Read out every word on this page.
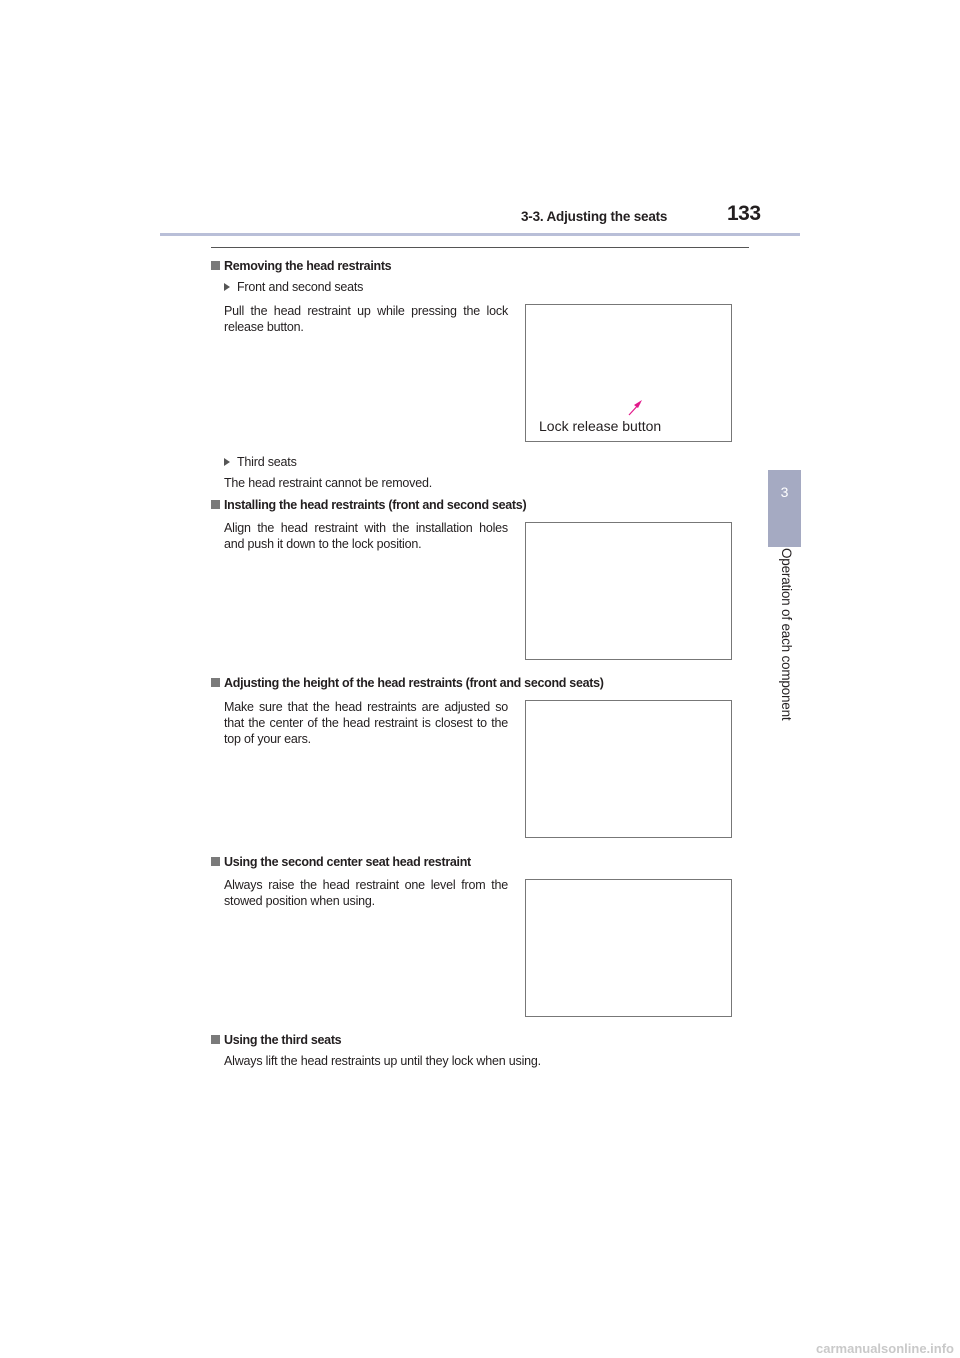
3-3. Adjusting the seats	133
3
Operation of each component
Removing the head restraints
Front and second seats
Pull the head restraint up while pressing the lock release button.
Lock release button
Third seats
The head restraint cannot be removed.
Installing the head restraints (front and second seats)
Align the head restraint with the installation holes and push it down to the lock position.
Adjusting the height of the head restraints (front and second seats)
Make sure that the head restraints are adjusted so that the center of the head restraint is closest to the top of your ears.
Using the second center seat head restraint
Always raise the head restraint one level from the stowed position when using.
Using the third seats
Always lift the head restraints up until they lock when using.
carmanualsonline.info
